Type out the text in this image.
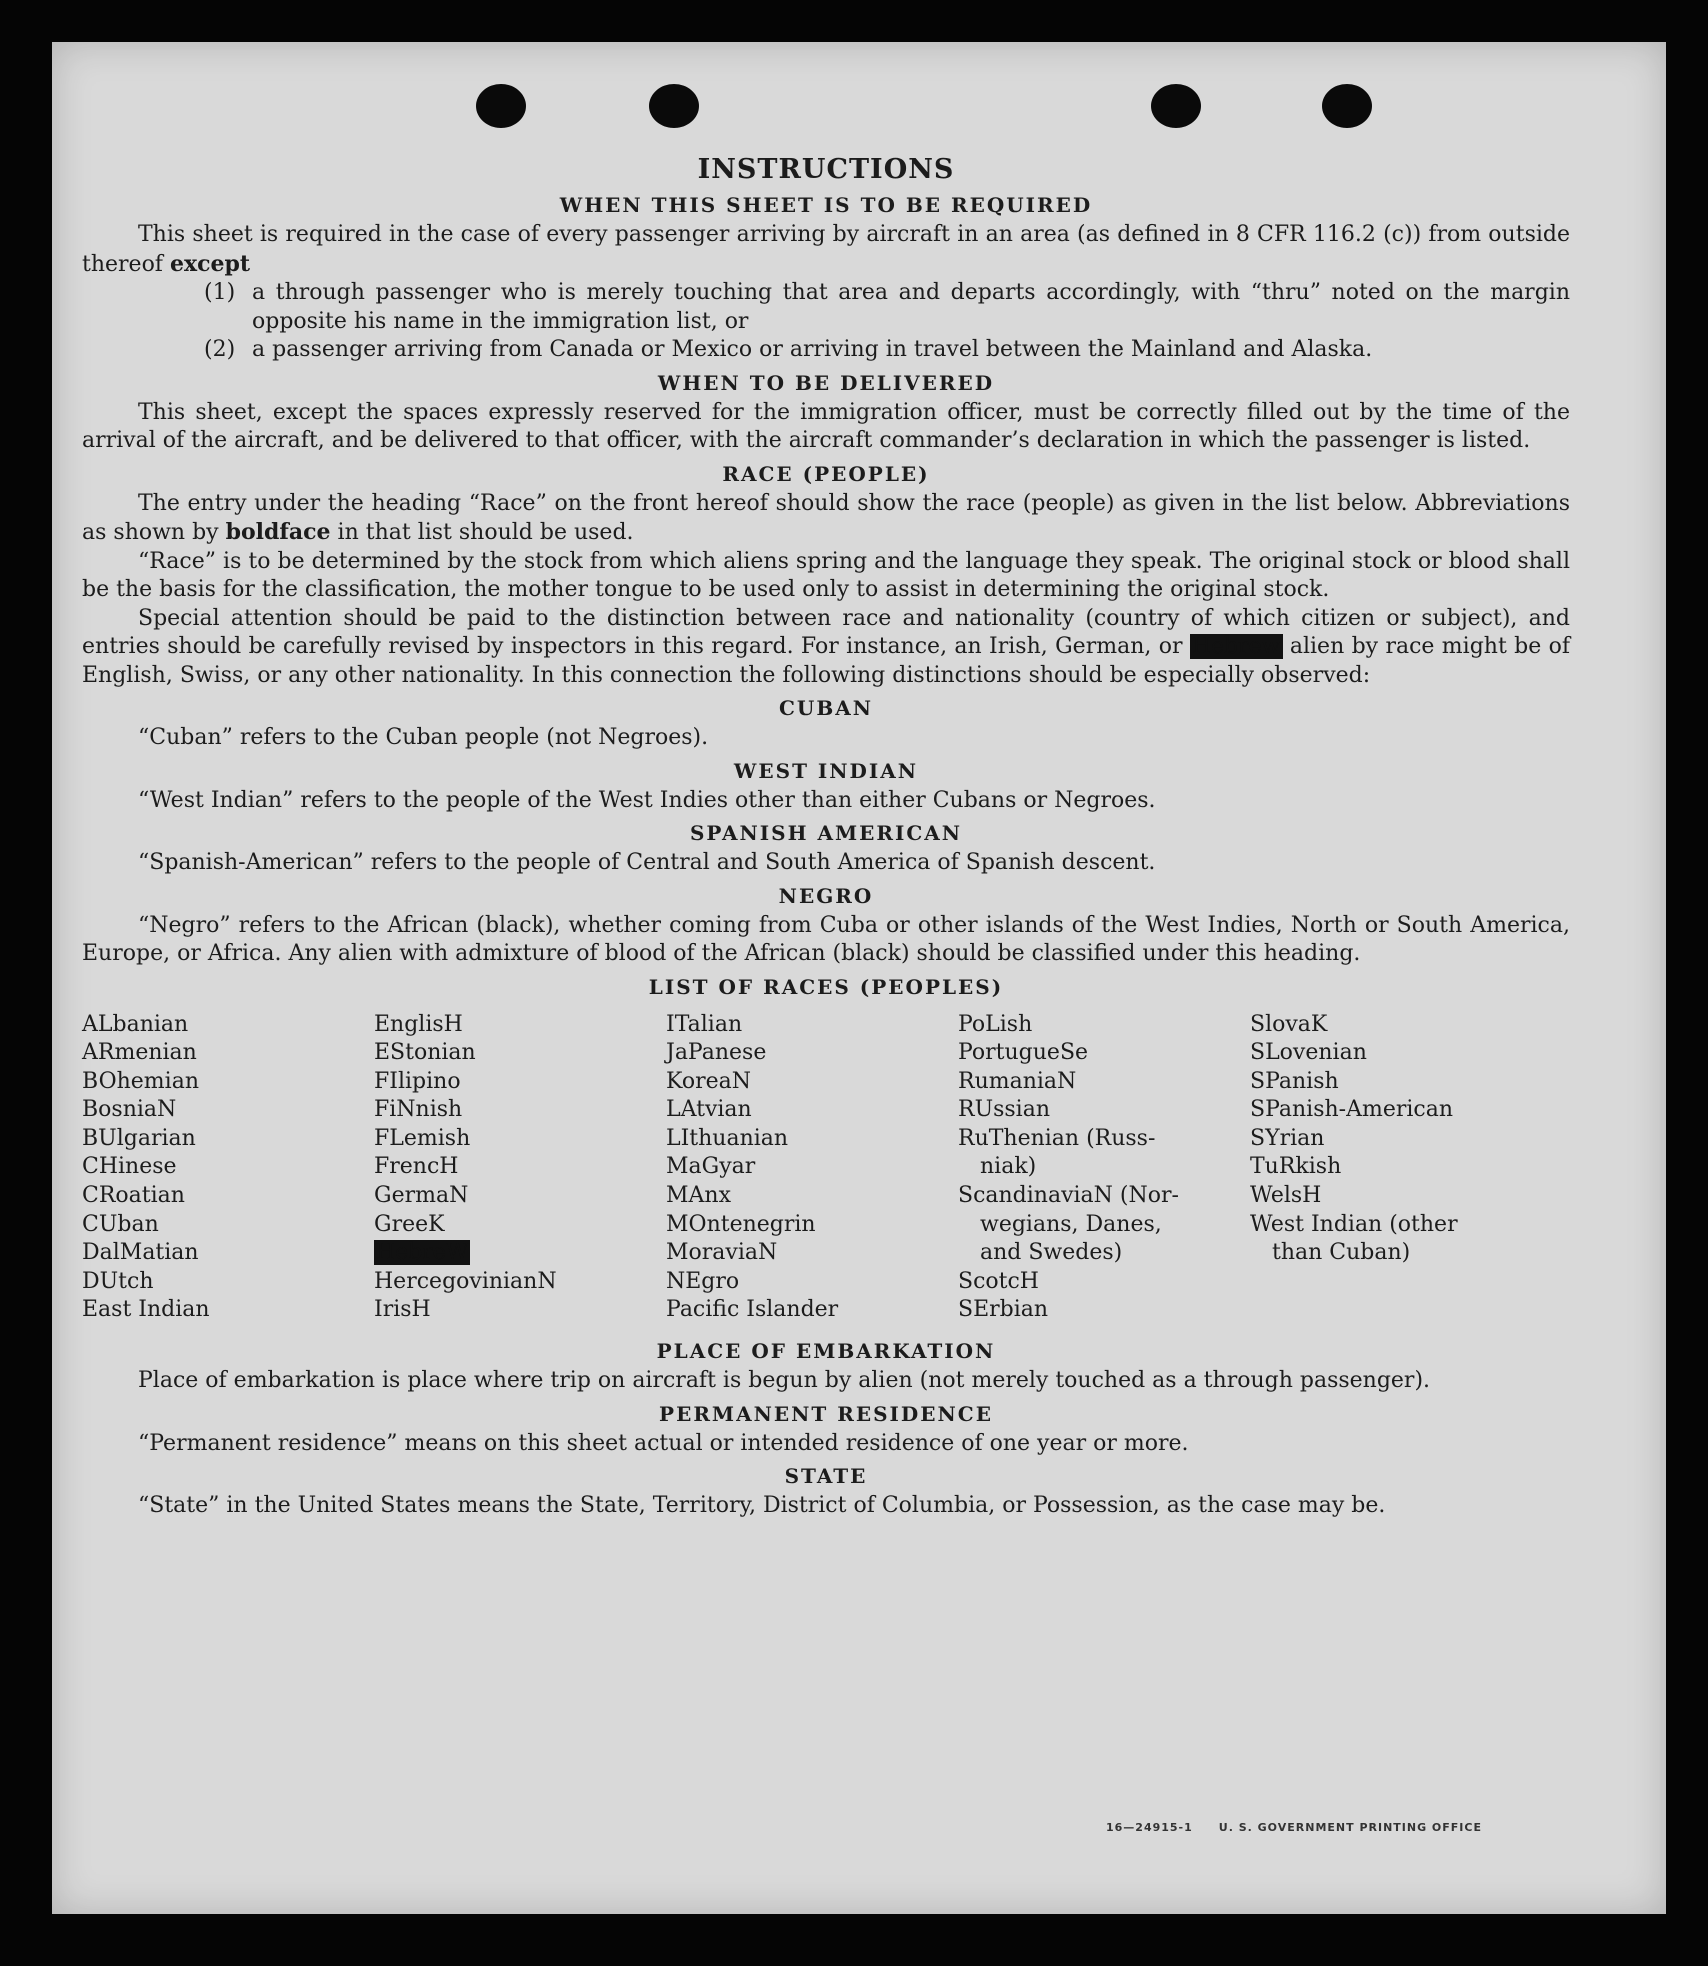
INSTRUCTIONS
WHEN THIS SHEET IS TO BE REQUIRED

This sheet is required in the case of every passenger arriving by aircraft in an area (as defined in 8 CFR 116.2 (c)) from outside thereof except

(1) a through passenger who is merely touching that area and departs accordingly, with “thru” noted on the margin opposite his name in the immigration list, or
(2) a passenger arriving from Canada or Mexico or arriving in travel between the Mainland and Alaska.
WHEN TO BE DELIVERED

This sheet, except the spaces expressly reserved for the immigration officer, must be correctly filled out by the time of the arrival of the aircraft, and be delivered to that officer, with the aircraft commander’s declaration in which the passenger is listed.

RACE (PEOPLE)

The entry under the heading “Race” on the front hereof should show the race (people) as given in the list below. Abbreviations as shown by boldface in that list should be used.

“Race” is to be determined by the stock from which aliens spring and the language they speak. The original stock or blood shall be the basis for the classification, the mother tongue to be used only to assist in determining the original stock.

Special attention should be paid to the distinction between race and nationality (country of which citizen or subject), and entries should be carefully revised by inspectors in this regard. For instance, an Irish, German, or Hebrew alien by race might be of English, Swiss, or any other nationality. In this connection the following distinctions should be especially observed:

CUBAN
“Cuban” refers to the Cuban people (not Negroes).
WEST INDIAN
“West Indian” refers to the people of the West Indies other than either Cubans or Negroes.
SPANISH AMERICAN
“Spanish-American” refers to the people of Central and South America of Spanish descent.
NEGRO

“Negro” refers to the African (black), whether coming from Cuba or other islands of the West Indies, North or South America, Europe, or Africa. Any alien with admixture of blood of the African (black) should be classified under this heading.

LIST OF RACES (PEOPLES)
ALbanian
ARmenian
BOhemian
BosniaN
BUlgarian
CHinese
CRoatian
CUban
DalMatian
DUtch
East Indian
EnglisH
EStonian
FIlipino
FiNnish
FLemish
FrencH
GermaN
GreeK
HebreW
HercegovinianN
IrisH
ITalian
JaPanese
KoreaN
LAtvian
LIthuanian
MaGyar
MAnx
MOntenegrin
MoraviaN
NEgro
Pacific Islander
PoLish
PortugueSe
RumaniaN
RUssian
RuThenian (Russ-
niak)
ScandinaviaN (Nor-
wegians, Danes,
and Swedes)
ScotcH
SErbian
SlovaK
SLovenian
SPanish
SPanish-American
SYrian
TuRkish
WelsH
West Indian (other
than Cuban)
PLACE OF EMBARKATION

Place of embarkation is place where trip on aircraft is begun by alien (not merely touched as a through passenger).

PERMANENT RESIDENCE
“Permanent residence” means on this sheet actual or intended residence of one year or more.
STATE

“State” in the United States means the State, Territory, District of Columbia, or Possession, as the case may be.

16—24915-1 U. S. GOVERNMENT PRINTING OFFICE
